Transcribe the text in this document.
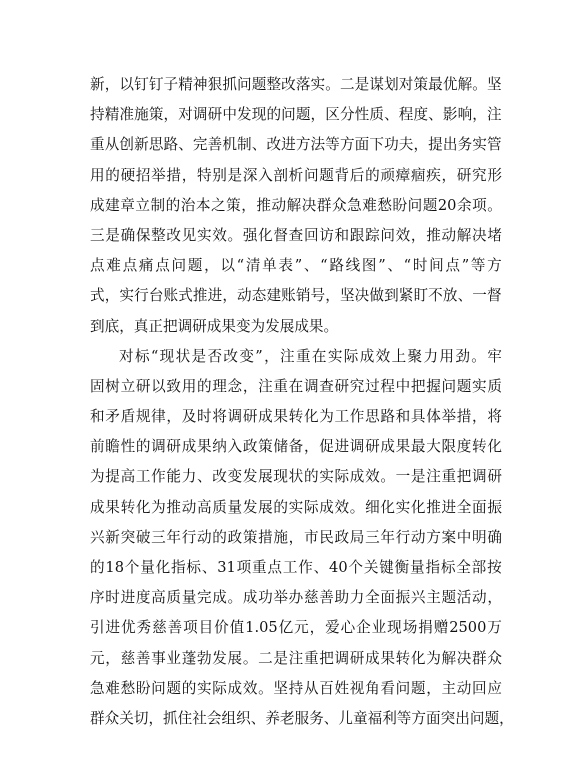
新 ， 以 钉 钉 子 精 神 狠 抓 问 题 整 改 落 实 。 二 是 谋 划 对 策 最 优 解 。 坚
持 精 准 施 策 ， 对 调 研 中 发 现 的 问 题 ， 区 分 性 质 、 程 度 、 影 响 ， 注
重 从 创 新 思 路 、 完 善 机 制 、 改 进 方 法 等 方 面 下 功 夫 ， 提 出 务 实 管
用 的 硬 招 举 措 ， 特 别 是 深 入 剖 析 问 题 背 后 的 顽 瘴 痼 疾 ， 研 究 形
成 建 章 立 制 的 治 本 之 策 ， 推 动 解 决 群 众 急 难 愁 盼 问 题 20 余 项 。
三 是 确 保 整 改 见 实 效 。 强 化 督 查 回 访 和 跟 踪 问 效 ， 推 动 解 决 堵
点 难 点 痛 点 问 题 ， 以 “ 清 单 表 ” 、 “ 路 线 图 ” 、 “ 时 间 点 ” 等 方
式 ， 实 行 台 账 式 推 进 ， 动 态 建 账 销 号 ， 坚 决 做 到 紧 盯 不 放 、 一 督
到底，真正把调研成果变为发展成果。
对 标 “ 现 状 是 否 改 变 ” ， 注 重 在 实 际 成 效 上 聚 力 用 劲 。 牢
固 树 立 研 以 致 用 的 理 念 ， 注 重 在 调 查 研 究 过 程 中 把 握 问 题 实 质
和 矛 盾 规 律 ， 及 时 将 调 研 成 果 转 化 为 工 作 思 路 和 具 体 举 措 ， 将
前 瞻 性 的 调 研 成 果 纳 入 政 策 储 备 ， 促 进 调 研 成 果 最 大 限 度 转 化
为 提 高 工 作 能 力 、 改 变 发 展 现 状 的 实 际 成 效 。 一 是 注 重 把 调 研
成 果 转 化 为 推 动 高 质 量 发 展 的 实 际 成 效 。 细 化 实 化 推 进 全 面 振
兴 新 突 破 三 年 行 动 的 政 策 措 施 ， 市 民 政 局 三 年 行 动 方 案 中 明 确
的 18 个 量 化 指 标 、 31 项 重 点 工 作 、 40 个 关 键 衡 量 指 标 全 部 按
序 时 进 度 高 质 量 完 成 。 成 功 举 办 慈 善 助 力 全 面 振 兴 主 题 活 动 ，
引 进 优 秀 慈 善 项 目 价 值 1.05 亿 元 ， 爱 心 企 业 现 场 捐 赠 2500 万
元 ， 慈 善 事 业 蓬 勃 发 展 。 二 是 注 重 把 调 研 成 果 转 化 为 解 决 群 众
急 难 愁 盼 问 题 的 实 际 成 效 。 坚 持 从 百 姓 视 角 看 问 题 ， 主 动 回 应
群 众 关 切 ， 抓 住 社 会 组 织 、 养 老 服 务 、 儿 童 福 利 等 方 面 突 出 问 题 ，
